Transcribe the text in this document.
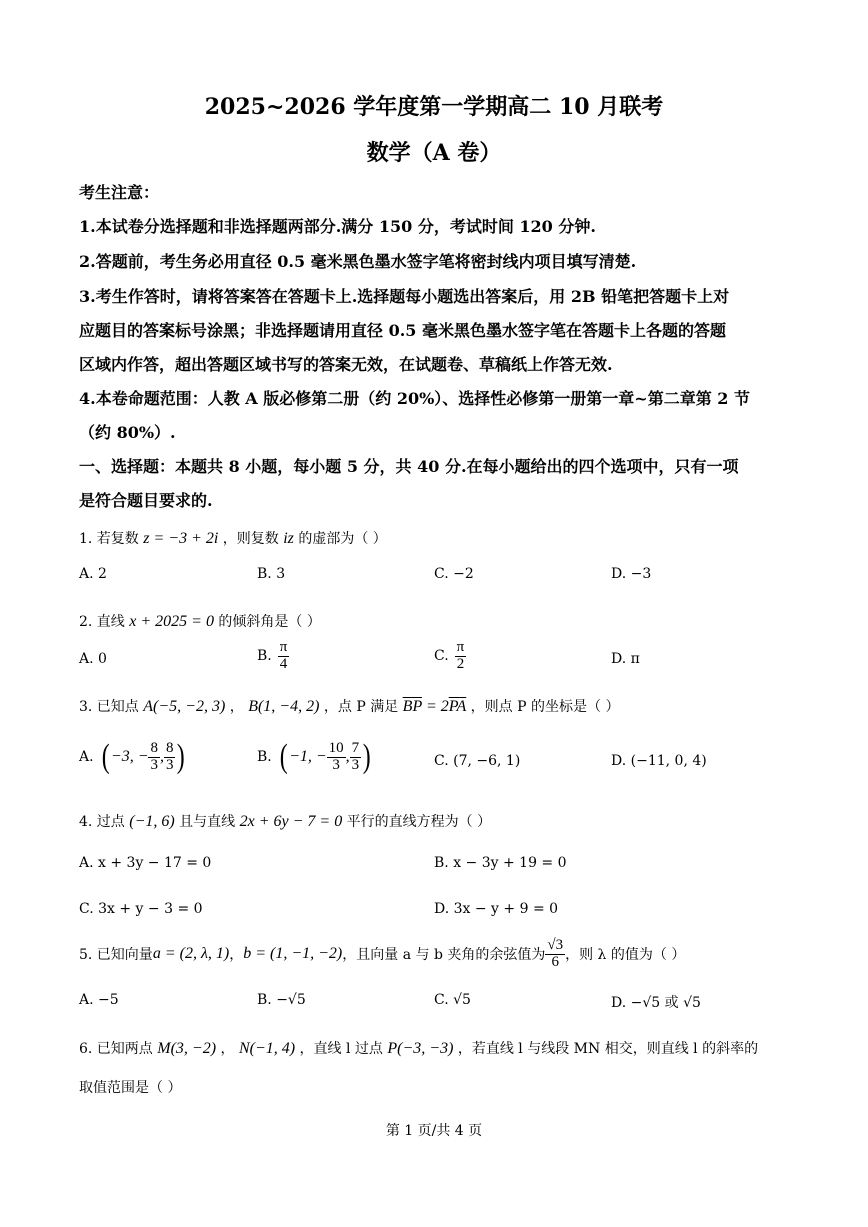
2025~2026 学年度第一学期高二 10 月联考
数学（A 卷）
考生注意：
1.本试卷分选择题和非选择题两部分.满分 150 分，考试时间 120 分钟.
2.答题前，考生务必用直径 0.5 毫米黑色墨水签字笔将密封线内项目填写清楚.
3.考生作答时，请将答案答在答题卡上.选择题每小题选出答案后，用 2B 铅笔把答题卡上对
应题目的答案标号涂黑；非选择题请用直径 0.5 毫米黑色墨水签字笔在答题卡上各题的答题
区域内作答，超出答题区域书写的答案无效，在试题卷、草稿纸上作答无效.
4.本卷命题范围：人教 A 版必修第二册（约 20%）、选择性必修第一册第一章~第二章第 2 节
（约 80%）.
一、选择题：本题共 8 小题，每小题 5 分，共 40 分.在每小题给出的四个选项中，只有一项
是符合题目要求的.
1. 若复数 z = −3 + 2i ，则复数 iz 的虚部为（ ）
A. 2	B. 3	C. −2	D. −3
2. 直线 x + 2025 = 0 的倾斜角是（ ）
A. 0	B. $\frac{\pi}{4}$	C. $\frac{\pi}{2}$	D. π
3. 已知点 A(−5, −2, 3) ， B(1, −4, 2) ，点 P 满足 $\overline{BP} = 2\overline{PA}$ ，则点 P 的坐标是（ ）
A. ( −3, − $\frac{8}{3}$ , $\frac{8}{3}$ )	B. ( −1, − $\frac{10}{3}$ , $\frac{7}{3}$ )	C. (7, −6, 1)	D. (−11, 0, 4)
4. 过点 (−1, 6) 且与直线 2x + 6y − 7 = 0 平行的直线方程为（ ）
A. x + 3y − 17 = 0	B. x − 3y + 19 = 0
C. 3x + y − 3 = 0	D. 3x − y + 9 = 0
5. 已知向量 a = (2, λ, 1) ， b = (1, −1, −2) ，且向量 a 与 b 夹角的余弦值为 $\frac{√3}{6}$ ，则 λ 的值为（ ）
A. −5	B. −√5	C. √5	D. −√5 或 √5
6. 已知两点 M(3, −2) ， N(−1, 4) ，直线 l 过点 P(−3, −3) ，若直线 l 与线段 MN 相交，则直线 l 的斜率的
取值范围是（ ）
第 1 页/共 4 页
